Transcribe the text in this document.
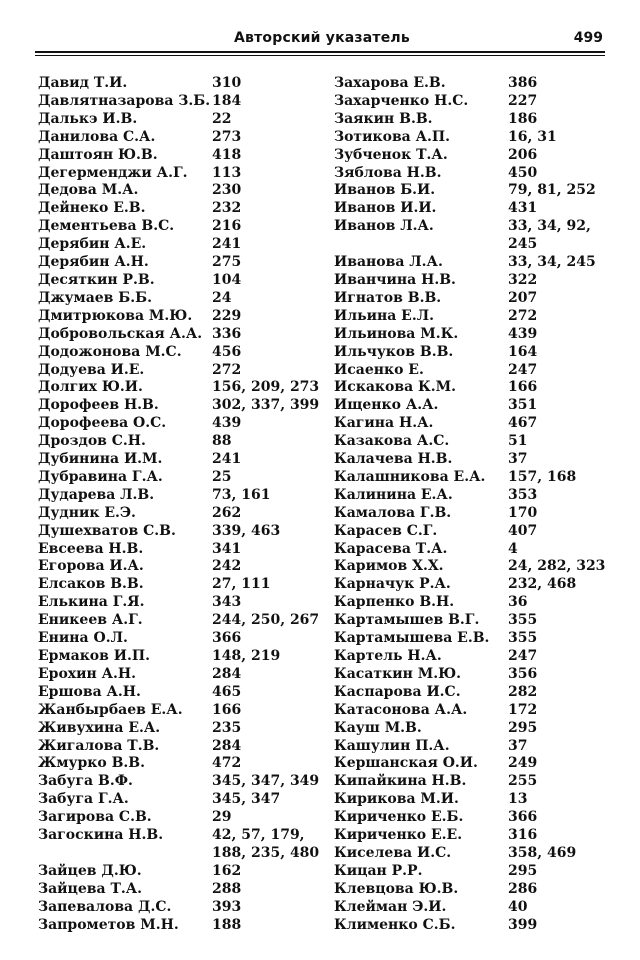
Авторский указатель	499
Давид Т.И.	310
Давлятназарова З.Б. 184
Далькэ И.В.	22
Данилова С.А.	273
Даштоян Ю.В.	418
Дегерменджи А.Г.	113
Дедова М.А.	230
Дейнеко Е.В.	232
Дементьева В.С.	216
Дерябин А.Е.	241
Дерябин А.Н.	275
Десяткин Р.В.	104
Джумаев Б.Б.	24
Дмитрюкова М.Ю.	229
Добровольская А.А. 336
Додожонова М.С.	456
Додуева И.Е.	272
Долгих Ю.И.	156, 209, 273
Дорофеев Н.В.	302, 337, 399
Дорофеева О.С.	439
Дроздов С.Н.	88
Дубинина И.М.	241
Дубравина Г.А.	25
Дударева Л.В.	73, 161
Дудник Е.Э.	262
Душехватов С.В.	339, 463
Евсеева Н.В.	341
Егорова И.А.	242
Елсаков В.В.	27, 111
Елькина Г.Я.	343
Еникеев А.Г.	244, 250, 267
Енина О.Л.	366
Ермаков И.П.	148, 219
Ерохин А.Н.	284
Ершова А.Н.	465
Жанбырбаев Е.А.	166
Живухина Е.А.	235
Жигалова Т.В.	284
Жмурко В.В.	472
Забуга В.Ф.	345, 347, 349
Забуга Г.А.	345, 347
Загирова С.В.	29
Загоскина Н.В.	42, 57, 179,
188, 235, 480
Зайцев Д.Ю.	162
Зайцева Т.А.	288
Запевалова Д.С.	393
Запрометов М.Н.	188
Захарова Е.В.	386
Захарченко Н.С.	227
Заякин В.В.	186
Зотикова А.П.	16, 31
Зубченок Т.А.	206
Зяблова Н.В.	450
Иванов Б.И.	79, 81, 252
Иванов И.И.	431
Иванов Л.А.	33, 34, 92,
245
Иванова Л.А.	33, 34, 245
Иванчина Н.В.	322
Игнатов В.В.	207
Ильина Е.Л.	272
Ильинова М.К.	439
Ильчуков В.В.	164
Исаенко Е.	247
Искакова К.М.	166
Ищенко А.А.	351
Кагина Н.А.	467
Казакова А.С.	51
Калачева Н.В.	37
Калашникова Е.А.	157, 168
Калинина Е.А.	353
Камалова Г.В.	170
Карасев С.Г.	407
Карасева Т.А.	4
Каримов Х.Х.	24, 282, 323
Карначук Р.А.	232, 468
Карпенко В.Н.	36
Картамышев В.Г.	355
Картамышева Е.В.	355
Картель Н.А.	247
Касаткин М.Ю.	356
Каспарова И.С.	282
Катасонова А.А.	172
Кауш М.В.	295
Кашулин П.А.	37
Кершанская О.И.	249
Кипайкина Н.В.	255
Кирикова М.И.	13
Кириченко Е.Б.	366
Кириченко Е.Е.	316
Киселева И.С.	358, 469
Кицан Р.Р.	295
Клевцова Ю.В.	286
Клейман Э.И.	40
Клименко С.Б.	399
